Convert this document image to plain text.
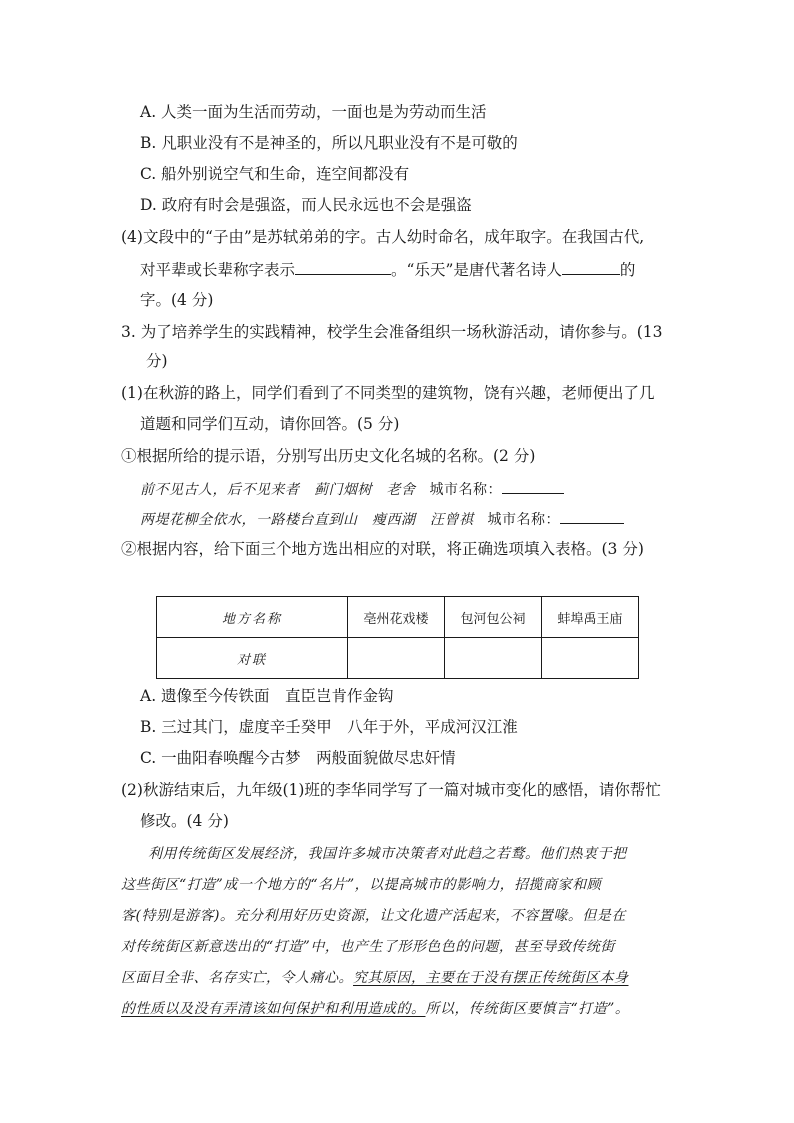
A. 人类一面为生活而劳动，一面也是为劳动而生活
B. 凡职业没有不是神圣的，所以凡职业没有不是可敬的
C. 船外别说空气和生命，连空间都没有
D. 政府有时会是强盗，而人民永远也不会是强盗
(4)文段中的“子由”是苏轼弟弟的字。古人幼时命名，成年取字。在我国古代,
对平辈或长辈称字表示	。“乐天”是唐代著名诗人	的
字。(4 分)
3. 为了培养学生的实践精神，校学生会准备组织一场秋游活动，请你参与。(13
分)
(1)在秋游的路上，同学们看到了不同类型的建筑物，饶有兴趣，老师便出了几
道题和同学们互动，请你回答。(5 分)
①根据所给的提示语，分别写出历史文化名城的名称。(2 分)
前不见古人，后不见来者　蓟门烟树　老舍 城市名称：
两堤花柳全依水，一路楼台直到山　瘦西湖　汪曾祺 城市名称：
②根据内容，给下面三个地方选出相应的对联，将正确选项填入表格。(3 分)
地方名称	亳州花戏楼	包河包公祠	蚌埠禹王庙
对联			
A. 遗像至今传铁面　直臣岂肯作金钩
B. 三过其门，虚度辛壬癸甲　八年于外，平成河汉江淮
C. 一曲阳春唤醒今古梦　两般面貌做尽忠奸情
(2)秋游结束后，九年级(1)班的李华同学写了一篇对城市变化的感悟，请你帮忙
修改。(4 分)
利用传统街区发展经济，我国许多城市决策者对此趋之若鹜。他们热衷于把
这些街区“打造”成一个地方的“名片”，以提高城市的影响力，招揽商家和顾
客(特别是游客)。充分利用好历史资源，让文化遗产活起来，不容置喙。但是在
对传统街区新意迭出的“打造”中，也产生了形形色色的问题，甚至导致传统街
区面目全非、名存实亡，令人痛心。究其原因，主要在于没有摆正传统街区本身
的性质以及没有弄清该如何保护和利用造成的。所以，传统街区要慎言“打造”。
